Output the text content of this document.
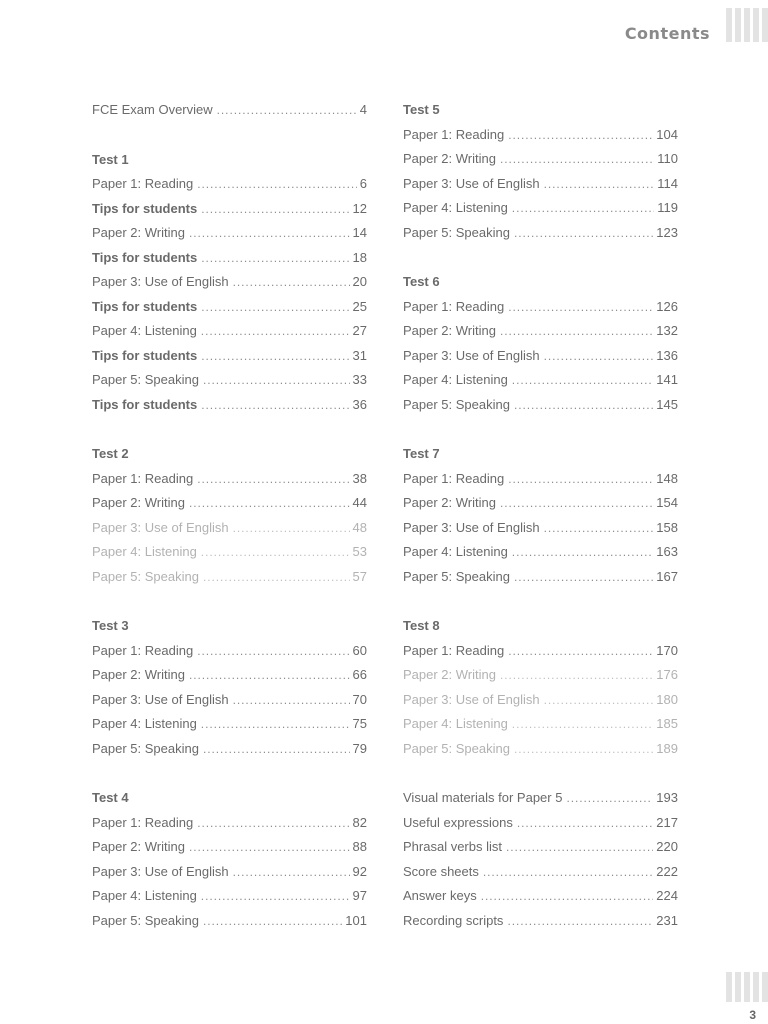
Contents
FCE Exam Overview . . .	4
Test 1
Paper 1: Reading . . .	6
Tips for students . . .	12
Paper 2: Writing . . .	14
Tips for students . . .	18
Paper 3: Use of English . . .	20
Tips for students . . .	25
Paper 4: Listening . . .	27
Tips for students . . .	31
Paper 5: Speaking . . .	33
Tips for students . . .	36
Test 2
Paper 1: Reading . . .	38
Paper 2: Writing . . .	44
Paper 3: Use of English . . .	48
Paper 4: Listening . . .	53
Paper 5: Speaking . . .	57
Test 3
Paper 1: Reading . . .	60
Paper 2: Writing . . .	66
Paper 3: Use of English . . .	70
Paper 4: Listening . . .	75
Paper 5: Speaking . . .	79
Test 4
Paper 1: Reading . . .	82
Paper 2: Writing . . .	88
Paper 3: Use of English . . .	92
Paper 4: Listening . . .	97
Paper 5: Speaking . . .	101
Test 5
Paper 1: Reading . . .	104
Paper 2: Writing . . .	110
Paper 3: Use of English . . .	114
Paper 4: Listening . . .	119
Paper 5: Speaking . . .	123
Test 6
Paper 1: Reading . . .	126
Paper 2: Writing . . .	132
Paper 3: Use of English . . .	136
Paper 4: Listening . . .	141
Paper 5: Speaking . . .	145
Test 7
Paper 1: Reading . . .	148
Paper 2: Writing . . .	154
Paper 3: Use of English . . .	158
Paper 4: Listening . . .	163
Paper 5: Speaking . . .	167
Test 8
Paper 1: Reading . . .	170
Paper 2: Writing . . .	176
Paper 3: Use of English . . .	180
Paper 4: Listening . . .	185
Paper 5: Speaking . . .	189
Visual materials for Paper 5 . . .	193
Useful expressions . . .	217
Phrasal verbs list . . .	220
Score sheets . . .	222
Answer keys . . .	224
Recording scripts . . .	231
3
